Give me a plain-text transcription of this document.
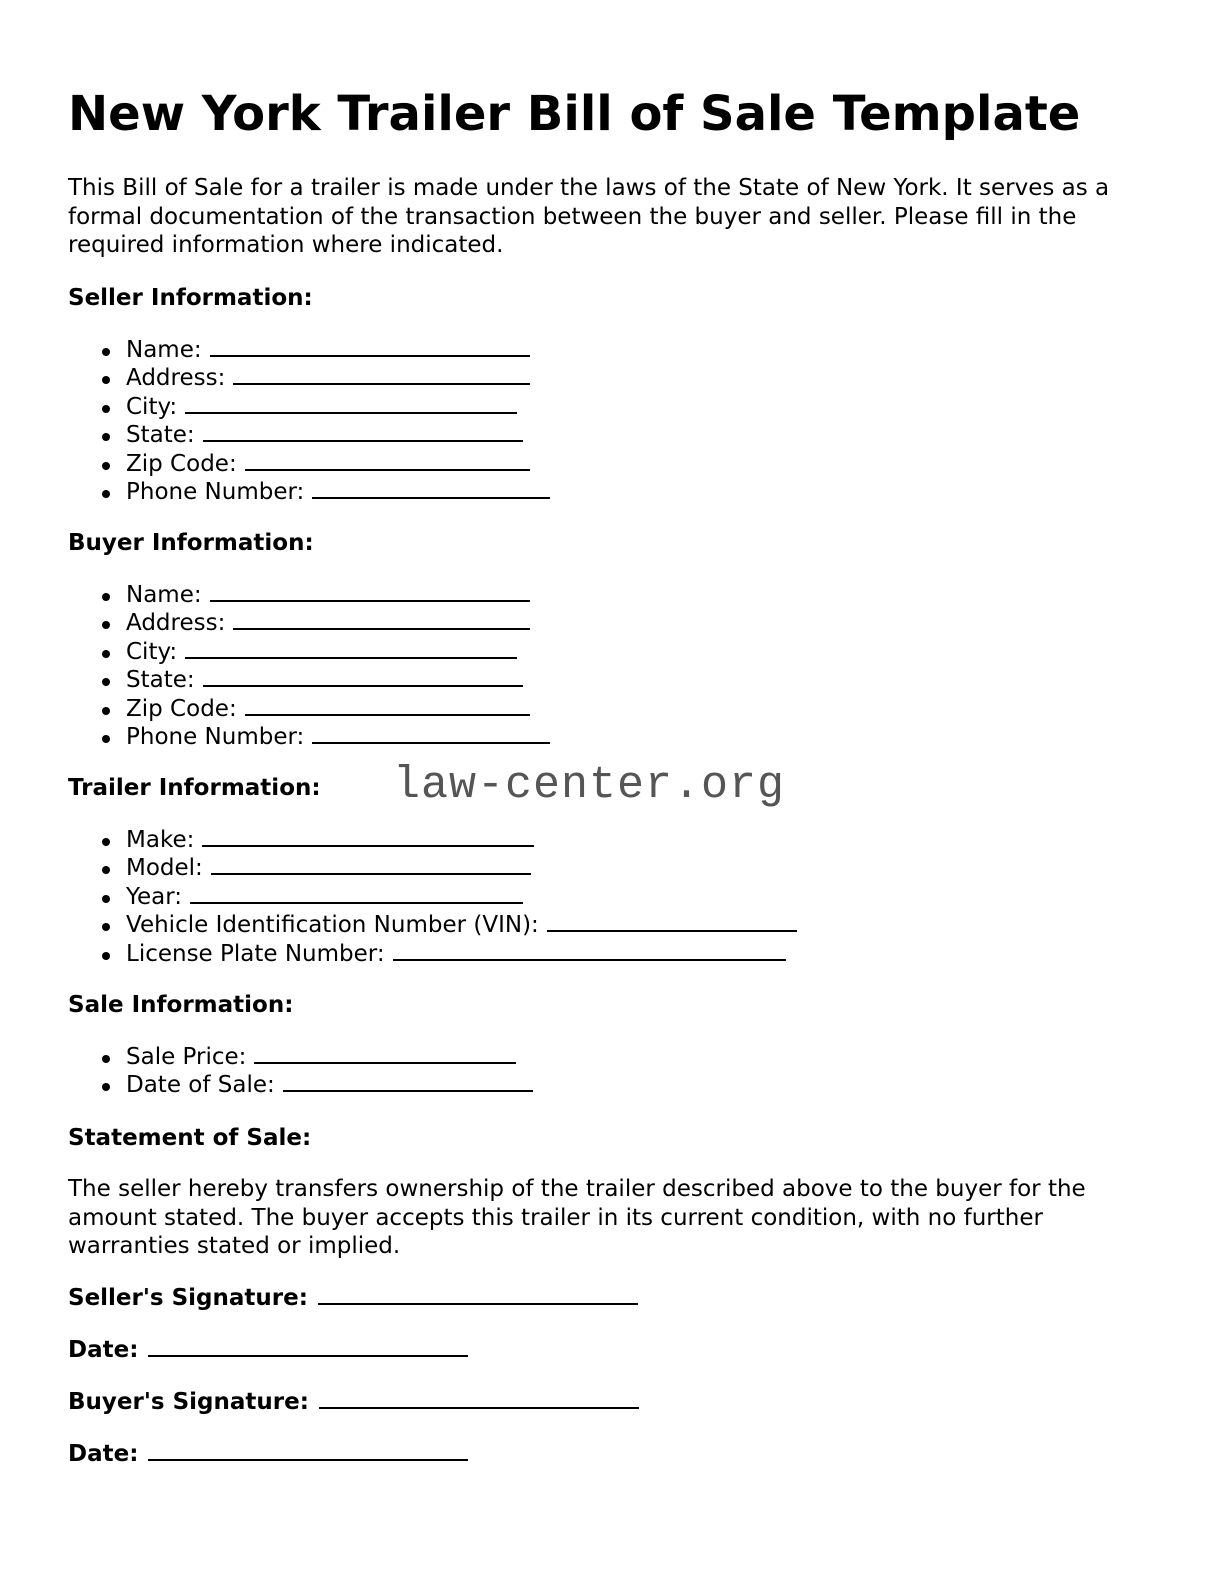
New York Trailer Bill of Sale Template

This Bill of Sale for a trailer is made under the laws of the State of New York. It serves as a formal documentation of the transaction between the buyer and seller. Please fill in the required information where indicated.

Seller Information:

Name:
Address:
City:
State:
Zip Code:
Phone Number:

Buyer Information:

Name:
Address:
City:
State:
Zip Code:
Phone Number:

Trailer Information:

Make:
Model:
Year:
Vehicle Identification Number (VIN):
License Plate Number:

Sale Information:

Sale Price:
Date of Sale:

Statement of Sale:

The seller hereby transfers ownership of the trailer described above to the buyer for the amount stated. The buyer accepts this trailer in its current condition, with no further warranties stated or implied.

Seller's Signature:

Date:

Buyer's Signature:

Date:

law-center.org
